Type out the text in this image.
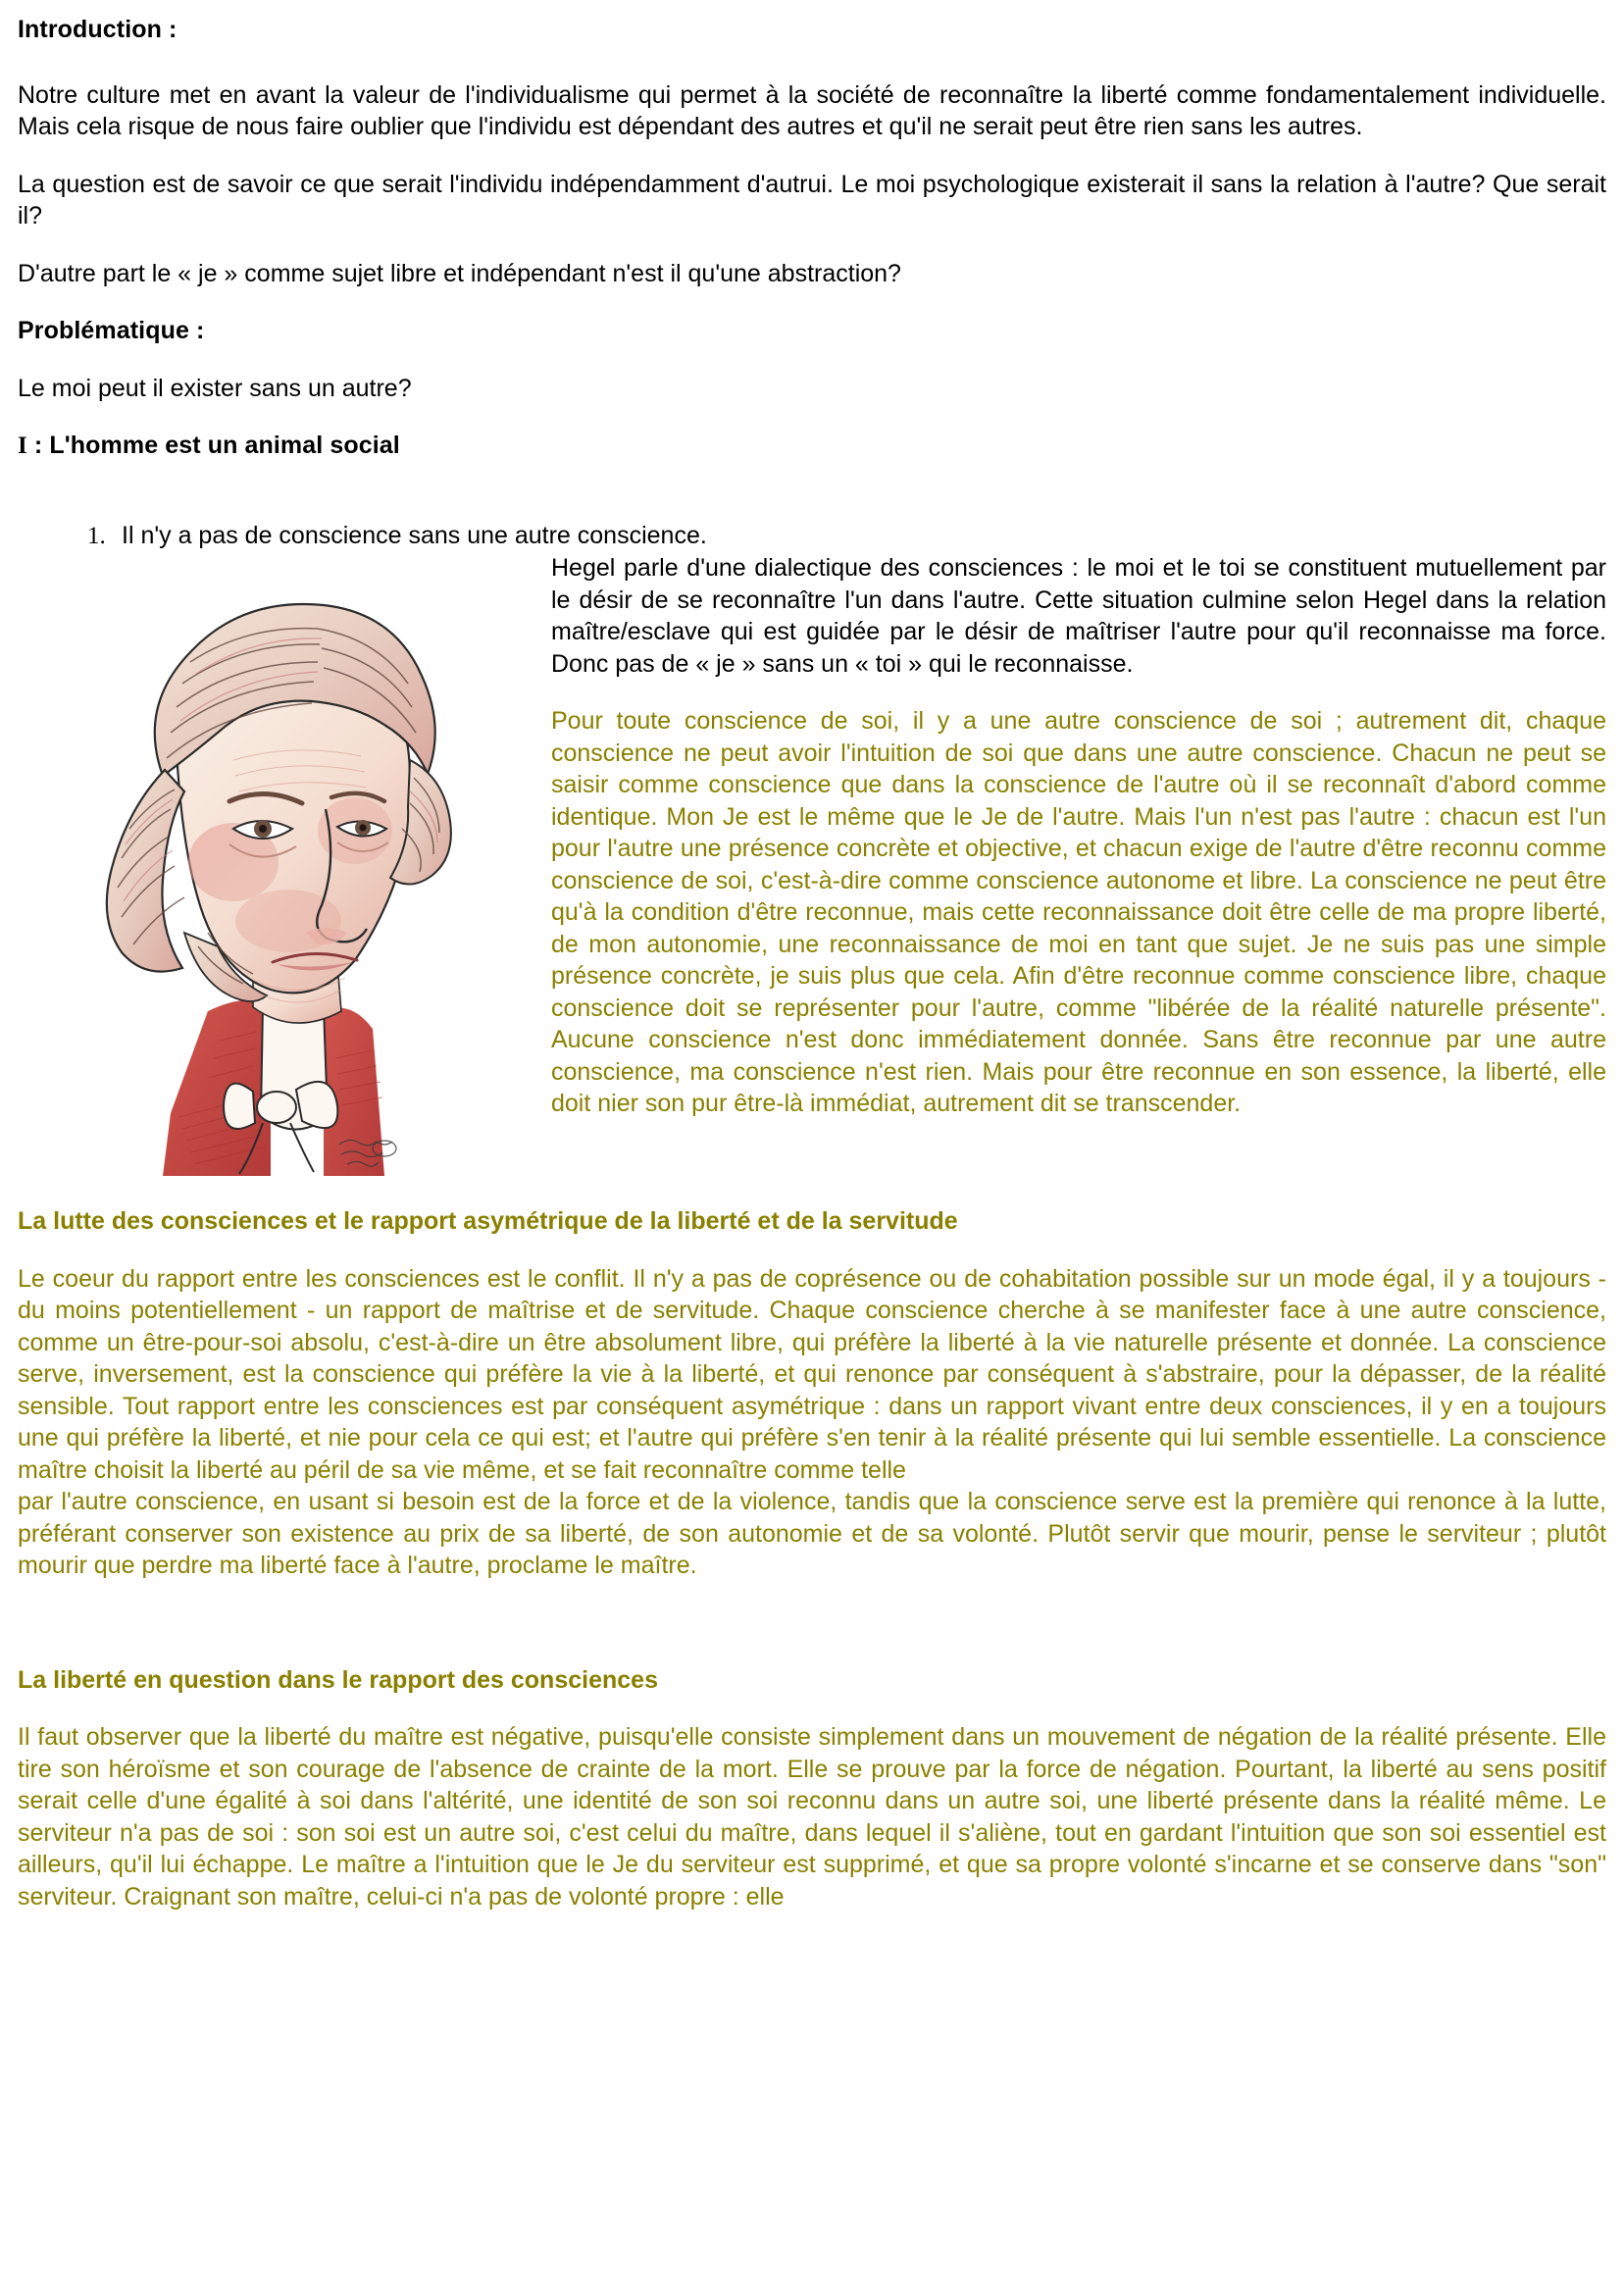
Introduction :

Notre culture met en avant la valeur de l'individualisme qui permet à la société de reconnaître la liberté comme fondamentalement individuelle. Mais cela risque de nous faire oublier que l'individu est dépendant des autres et qu'il ne serait peut être rien sans les autres.

La question est de savoir ce que serait l'individu indépendamment d'autrui. Le moi psychologique existerait il sans la relation à l'autre? Que serait il?

D'autre part le « je » comme sujet libre et indépendant n'est il qu'une abstraction?

Problématique :

Le moi peut il exister sans un autre?

I : L'homme est un animal social
1. Il n'y a pas de conscience sans une autre conscience.

Hegel parle d'une dialectique des consciences : le moi et le toi se constituent mutuellement par le désir de se reconnaître l'un dans l'autre. Cette situation culmine selon Hegel dans la relation maître/esclave qui est guidée par le désir de maîtriser l'autre pour qu'il reconnaisse ma force. Donc pas de « je » sans un « toi » qui le reconnaisse.

Pour toute conscience de soi, il y a une autre conscience de soi ; autrement dit, chaque conscience ne peut avoir l'intuition de soi que dans une autre conscience. Chacun ne peut se saisir comme conscience que dans la conscience de l'autre où il se reconnaît d'abord comme identique. Mon Je est le même que le Je de l'autre. Mais l'un n'est pas l'autre : chacun est l'un pour l'autre une présence concrète et objective, et chacun exige de l'autre d'être reconnu comme conscience de soi, c'est-à-dire comme conscience autonome et libre. La conscience ne peut être qu'à la condition d'être reconnue, mais cette reconnaissance doit être celle de ma propre liberté, de mon autonomie, une reconnaissance de moi en tant que sujet. Je ne suis pas une simple présence concrète, je suis plus que cela. Afin d'être reconnue comme conscience libre, chaque conscience doit se représenter pour l'autre, comme "libérée de la réalité naturelle présente". Aucune conscience n'est donc immédiatement donnée. Sans être reconnue par une autre conscience, ma conscience n'est rien. Mais pour être reconnue en son essence, la liberté, elle doit nier son pur être-là immédiat, autrement dit se transcender.

La lutte des consciences et le rapport asymétrique de la liberté et de la servitude

Le coeur du rapport entre les consciences est le conflit. Il n'y a pas de coprésence ou de cohabitation possible sur un mode égal, il y a toujours - du moins potentiellement - un rapport de maîtrise et de servitude. Chaque conscience cherche à se manifester face à une autre conscience, comme un être-pour-soi absolu, c'est-à-dire un être absolument libre, qui préfère la liberté à la vie naturelle présente et donnée. La conscience serve, inversement, est la conscience qui préfère la vie à la liberté, et qui renonce par conséquent à s'abstraire, pour la dépasser, de la réalité sensible. Tout rapport entre les consciences est par conséquent asymétrique : dans un rapport vivant entre deux consciences, il y en a toujours une qui préfère la liberté, et nie pour cela ce qui est; et l'autre qui préfère s'en tenir à la réalité présente qui lui semble essentielle. La conscience maître choisit la liberté au péril de sa vie même, et se fait reconnaître comme telle

par l'autre conscience, en usant si besoin est de la force et de la violence, tandis que la conscience serve est la première qui renonce à la lutte, préférant conserver son existence au prix de sa liberté, de son autonomie et de sa volonté. Plutôt servir que mourir, pense le serviteur ; plutôt mourir que perdre ma liberté face à l'autre, proclame le maître.

La liberté en question dans le rapport des consciences

Il faut observer que la liberté du maître est négative, puisqu'elle consiste simplement dans un mouvement de négation de la réalité présente. Elle tire son héroïsme et son courage de l'absence de crainte de la mort. Elle se prouve par la force de négation. Pourtant, la liberté au sens positif serait celle d'une égalité à soi dans l'altérité, une identité de son soi reconnu dans un autre soi, une liberté présente dans la réalité même. Le serviteur n'a pas de soi : son soi est un autre soi, c'est celui du maître, dans lequel il s'aliène, tout en gardant l'intuition que son soi essentiel est ailleurs, qu'il lui échappe. Le maître a l'intuition que le Je du serviteur est supprimé, et que sa propre volonté s'incarne et se conserve dans "son" serviteur. Craignant son maître, celui-ci n'a pas de volonté propre : elle
